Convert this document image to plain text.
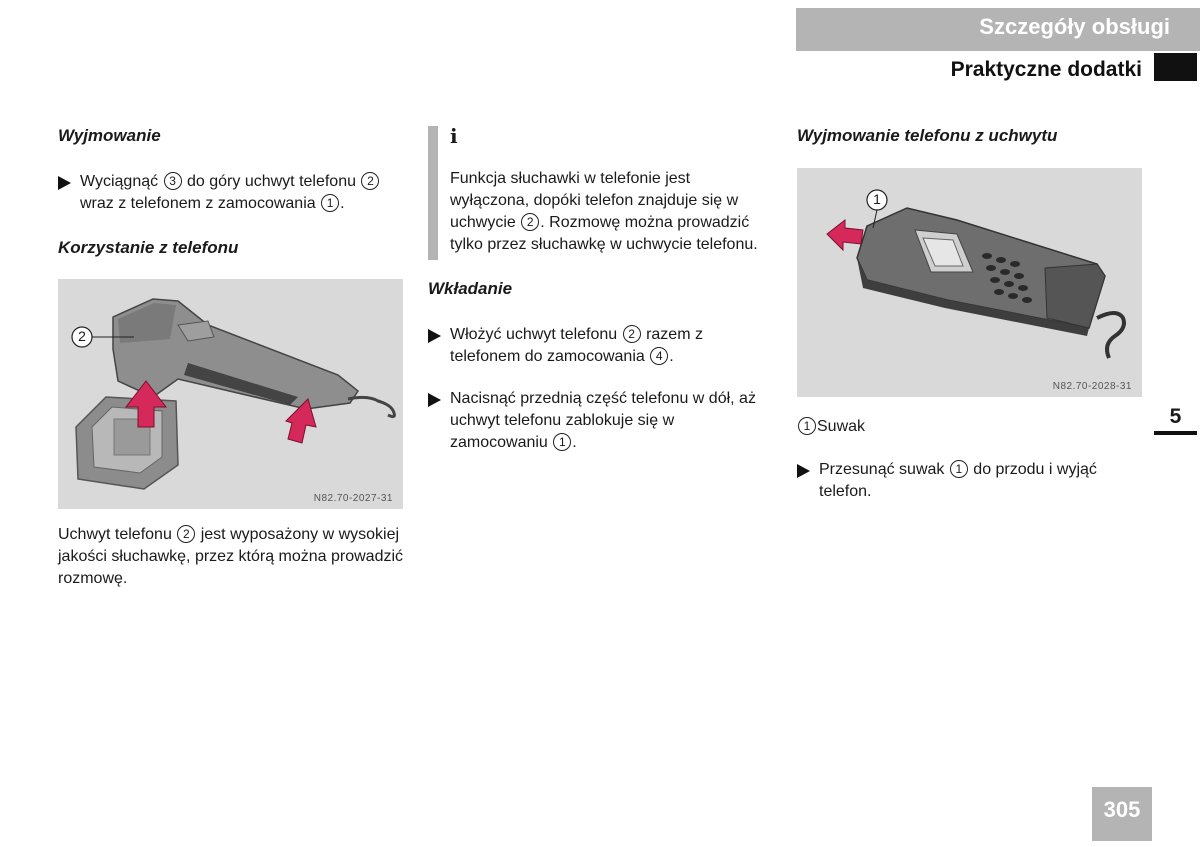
Szczegóły obsługi
Praktyczne dodatki

Wyjmowanie

Wyciągnąć 3 do góry uchwyt telefonu 2 wraz z telefonem z zamocowania 1 .

Korzystanie z telefonu

2
N82.70-2027-31
Uchwyt telefonu 2 jest wyposażony w wysokiej jakości słuchawkę, przez którą można prowadzić rozmowę.
i
Funkcja słuchawki w telefonie jest wyłączona, dopóki telefon znajduje się w uchwycie 2 . Rozmowę można prowadzić tylko przez słuchawkę w uchwycie telefonu.

Wkładanie

Włożyć uchwyt telefonu 2 razem z telefonem do zamocowania 4 .
Nacisnąć przednią część telefonu w dół, aż uchwyt telefonu zablokuje się w zamocowaniu 1 .

Wyjmowanie telefonu z uchwytu

1
N82.70-2028-31
1 Suwak
Przesunąć suwak 1 do przodu i wyjąć telefon.
5
305
